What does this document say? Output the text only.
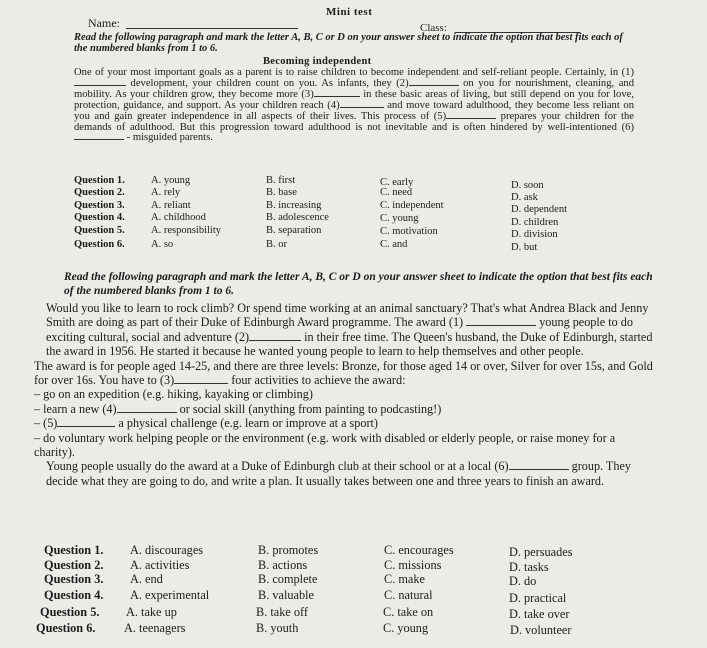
Mini test
Name:	Class:
Read the following paragraph and mark the letter A, B, C or D on your answer sheet to indicate the option that best fits each of the numbered blanks from 1 to 6.
Becoming independent
One of your most important goals as a parent is to raise children to become independent and self-reliant people. Certainly, in (1) development, your children count on you. As infants, they (2)	on you for nourishment, cleaning, and mobility. As your children grow, they become more (3)	in these basic areas of living, but still depend on you for love, protection, guidance, and support. As your children reach (4)	and move toward adulthood, they become less reliant on you and gain greater independence in all aspects of their lives. This process of (5)	prepares your children for the demands of adulthood. But this progression toward adulthood is not inevitable and is often hindered by well-intentioned (6) - misguided parents.
Question 1. A. young	B. first	C. early	D. soon
Question 2. A. rely	B. base	C. need	D. ask
Question 3. A. reliant	B. increasing	C. independent	D. dependent
Question 4. A. childhood	B. adolescence	C. young	D. children
Question 5. A. responsibility	B. separation	C. motivation	D. division
Question 6. A. so	B. or	C. and	D. but
Read the following paragraph and mark the letter A, B, C or D on your answer sheet to indicate the option that best fits each of the numbered blanks from 1 to 6.
Would you like to learn to rock climb? Or spend time working at an animal sanctuary? That's what Andrea Black and Jenny Smith are doing as part of their Duke of Edinburgh Award programme. The award (1)	young people to do exciting cultural, social and adventure (2)	in their free time. The Queen's husband, the Duke of Edinburgh, started the award in 1956. He started it because he wanted young people to learn to help themselves and other people.
The award is for people aged 14-25, and there are three levels: Bronze, for those aged 14 or over, Silver for over 15s, and Gold for over 16s. You have to (3)	four activities to achieve the award:
– go on an expedition (e.g. hiking, kayaking or climbing)
– learn a new (4)	or social skill (anything from painting to podcasting!)
– (5)	a physical challenge (e.g. learn or improve at a sport)
– do voluntary work helping people or the environment (e.g. work with disabled or elderly people, or raise money for a charity).
Young people usually do the award at a Duke of Edinburgh club at their school or at a local (6)	group. They decide what they are going to do, and write a plan. It usually takes between one and three years to finish an award.
Question 1. A. discourages	B. promotes	C. encourages	D. persuades
Question 2. A. activities	B. actions	C. missions	D. tasks
Question 3. A. end	B. complete	C. make	D. do
Question 4. A. experimental	B. valuable	C. natural	D. practical
Question 5. A. take up	B. take off	C. take on	D. take over
Question 6. A. teenagers	B. youth	C. young	D. volunteer
